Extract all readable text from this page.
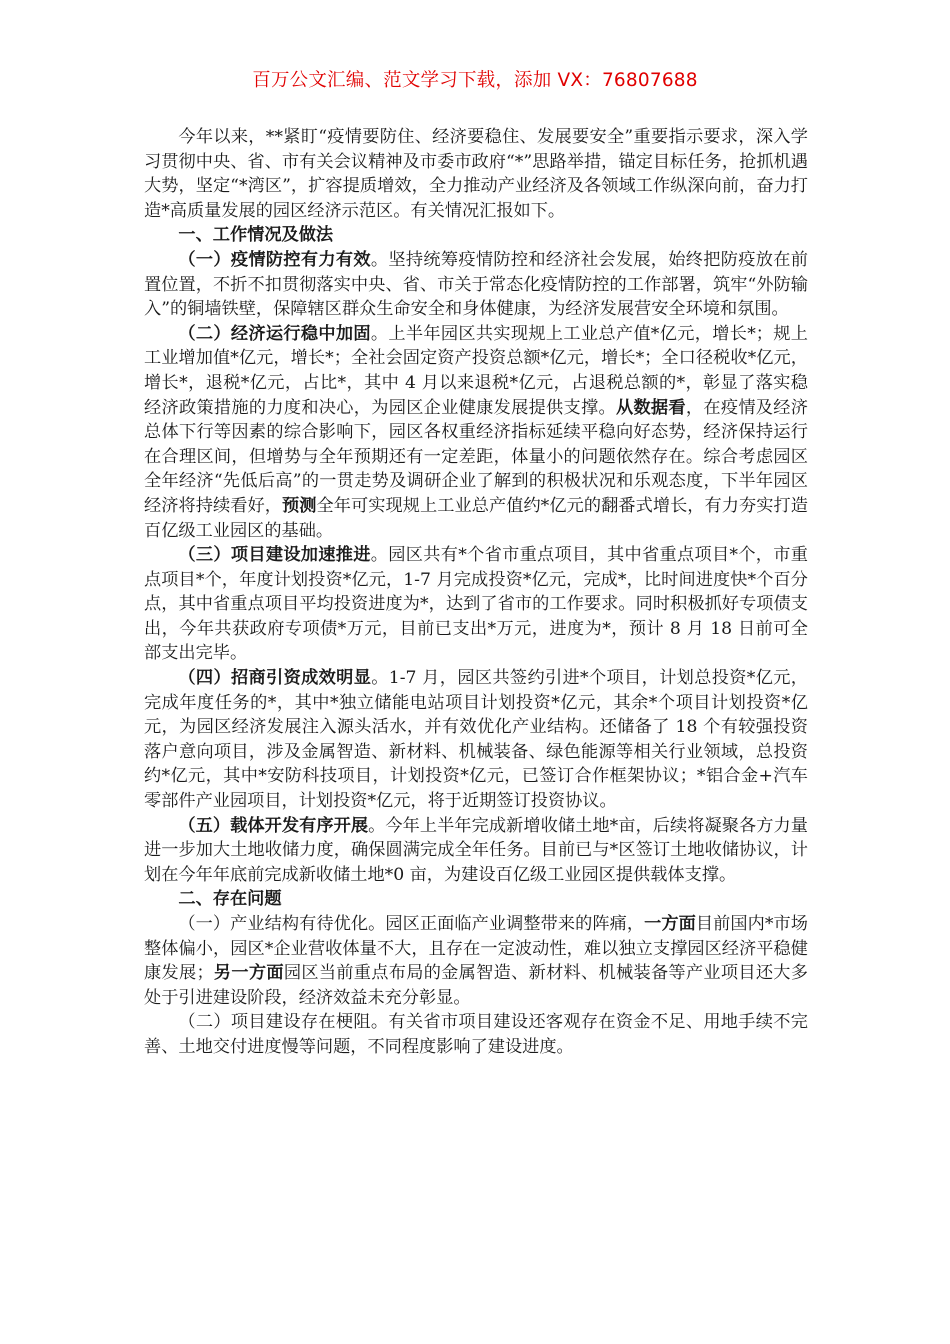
百万公文汇编、范文学习下载，添加 VX：76807688

今年以来，**紧盯“疫情要防住、经济要稳住、发展要安全”重要指示要求，深入学习贯彻中央、省、市有关会议精神及市委市政府“*”思路举措，锚定目标任务，抢抓机遇大势，坚定“*湾区”，扩容提质增效，全力推动产业经济及各领域工作纵深向前，奋力打造*高质量发展的园区经济示范区。有关情况汇报如下。

一、工作情况及做法

（一）疫情防控有力有效。坚持统筹疫情防控和经济社会发展，始终把防疫放在前置位置，不折不扣贯彻落实中央、省、市关于常态化疫情防控的工作部署，筑牢“外防输入”的铜墙铁壁，保障辖区群众生命安全和身体健康，为经济发展营安全环境和氛围。

（二）经济运行稳中加固。上半年园区共实现规上工业总产值*亿元，增长*；规上工业增加值*亿元，增长*；全社会固定资产投资总额*亿元，增长*；全口径税收*亿元，增长*，退税*亿元，占比*，其中 4 月以来退税*亿元，占退税总额的*，彰显了落实稳经济政策措施的力度和决心，为园区企业健康发展提供支撑。从数据看，在疫情及经济总体下行等因素的综合影响下，园区各权重经济指标延续平稳向好态势，经济保持运行在合理区间，但增势与全年预期还有一定差距，体量小的问题依然存在。综合考虑园区全年经济“先低后高”的一贯走势及调研企业了解到的积极状况和乐观态度，下半年园区经济将持续看好，预测全年可实现规上工业总产值约*亿元的翻番式增长，有力夯实打造百亿级工业园区的基础。

（三）项目建设加速推进。园区共有*个省市重点项目，其中省重点项目*个，市重点项目*个，年度计划投资*亿元，1-7 月完成投资*亿元，完成*，比时间进度快*个百分点，其中省重点项目平均投资进度为*，达到了省市的工作要求。同时积极抓好专项债支出，今年共获政府专项债*万元，目前已支出*万元，进度为*，预计 8 月 18 日前可全部支出完毕。

（四）招商引资成效明显。1-7 月，园区共签约引进*个项目，计划总投资*亿元，完成年度任务的*，其中*独立储能电站项目计划投资*亿元，其余*个项目计划投资*亿元，为园区经济发展注入源头活水，并有效优化产业结构。还储备了 18 个有较强投资落户意向项目，涉及金属智造、新材料、机械装备、绿色能源等相关行业领域，总投资约*亿元，其中*安防科技项目，计划投资*亿元，已签订合作框架协议；*铝合金+汽车零部件产业园项目，计划投资*亿元，将于近期签订投资协议。

（五）载体开发有序开展。今年上半年完成新增收储土地*亩，后续将凝聚各方力量进一步加大土地收储力度，确保圆满完成全年任务。目前已与*区签订土地收储协议，计划在今年年底前完成新收储土地*0 亩，为建设百亿级工业园区提供载体支撑。

二、存在问题

（一）产业结构有待优化。园区正面临产业调整带来的阵痛，一方面目前国内*市场整体偏小，园区*企业营收体量不大，且存在一定波动性，难以独立支撑园区经济平稳健康发展；另一方面园区当前重点布局的金属智造、新材料、机械装备等产业项目还大多处于引进建设阶段，经济效益未充分彰显。

（二）项目建设存在梗阻。有关省市项目建设还客观存在资金不足、用地手续不完善、土地交付进度慢等问题，不同程度影响了建设进度。
